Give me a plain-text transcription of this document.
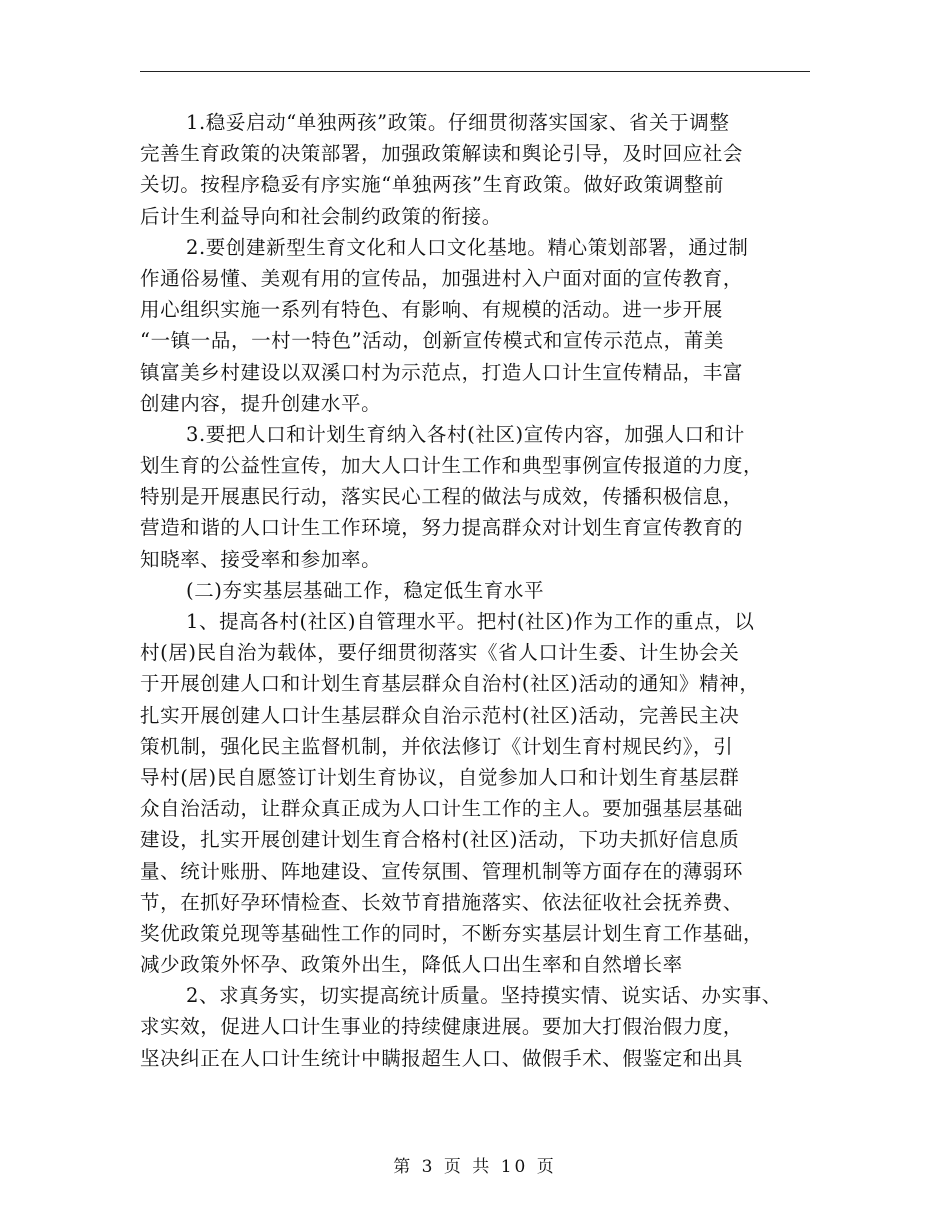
1.稳妥启动“单独两孩”政策。仔细贯彻落实国家、省关于调整
完善生育政策的决策部署，加强政策解读和舆论引导，及时回应社会
关切。按程序稳妥有序实施“单独两孩”生育政策。做好政策调整前
后计生利益导向和社会制约政策的衔接。
2.要创建新型生育文化和人口文化基地。精心策划部署，通过制
作通俗易懂、美观有用的宣传品，加强进村入户面对面的宣传教育，
用心组织实施一系列有特色、有影响、有规模的活动。进一步开展
“一镇一品，一村一特色”活动，创新宣传模式和宣传示范点，莆美
镇富美乡村建设以双溪口村为示范点，打造人口计生宣传精品，丰富
创建内容，提升创建水平。
3.要把人口和计划生育纳入各村(社区)宣传内容，加强人口和计
划生育的公益性宣传，加大人口计生工作和典型事例宣传报道的力度，
特别是开展惠民行动，落实民心工程的做法与成效，传播积极信息，
营造和谐的人口计生工作环境，努力提高群众对计划生育宣传教育的
知晓率、接受率和参加率。
(二)夯实基层基础工作，稳定低生育水平
1、提高各村(社区)自管理水平。把村(社区)作为工作的重点，以
村(居)民自治为载体，要仔细贯彻落实《省人口计生委、计生协会关
于开展创建人口和计划生育基层群众自治村(社区)活动的通知》精神，
扎实开展创建人口计生基层群众自治示范村(社区)活动，完善民主决
策机制，强化民主监督机制，并依法修订《计划生育村规民约》，引
导村(居)民自愿签订计划生育协议，自觉参加人口和计划生育基层群
众自治活动，让群众真正成为人口计生工作的主人。要加强基层基础
建设，扎实开展创建计划生育合格村(社区)活动，下功夫抓好信息质
量、统计账册、阵地建设、宣传氛围、管理机制等方面存在的薄弱环
节，在抓好孕环情检查、长效节育措施落实、依法征收社会抚养费、
奖优政策兑现等基础性工作的同时，不断夯实基层计划生育工作基础，
减少政策外怀孕、政策外出生，降低人口出生率和自然增长率
2、求真务实，切实提高统计质量。坚持摸实情、说实话、办实事、
求实效，促进人口计生事业的持续健康进展。要加大打假治假力度，
坚决纠正在人口计生统计中瞒报超生人口、做假手术、假鉴定和出具
第 3 页 共 10 页
